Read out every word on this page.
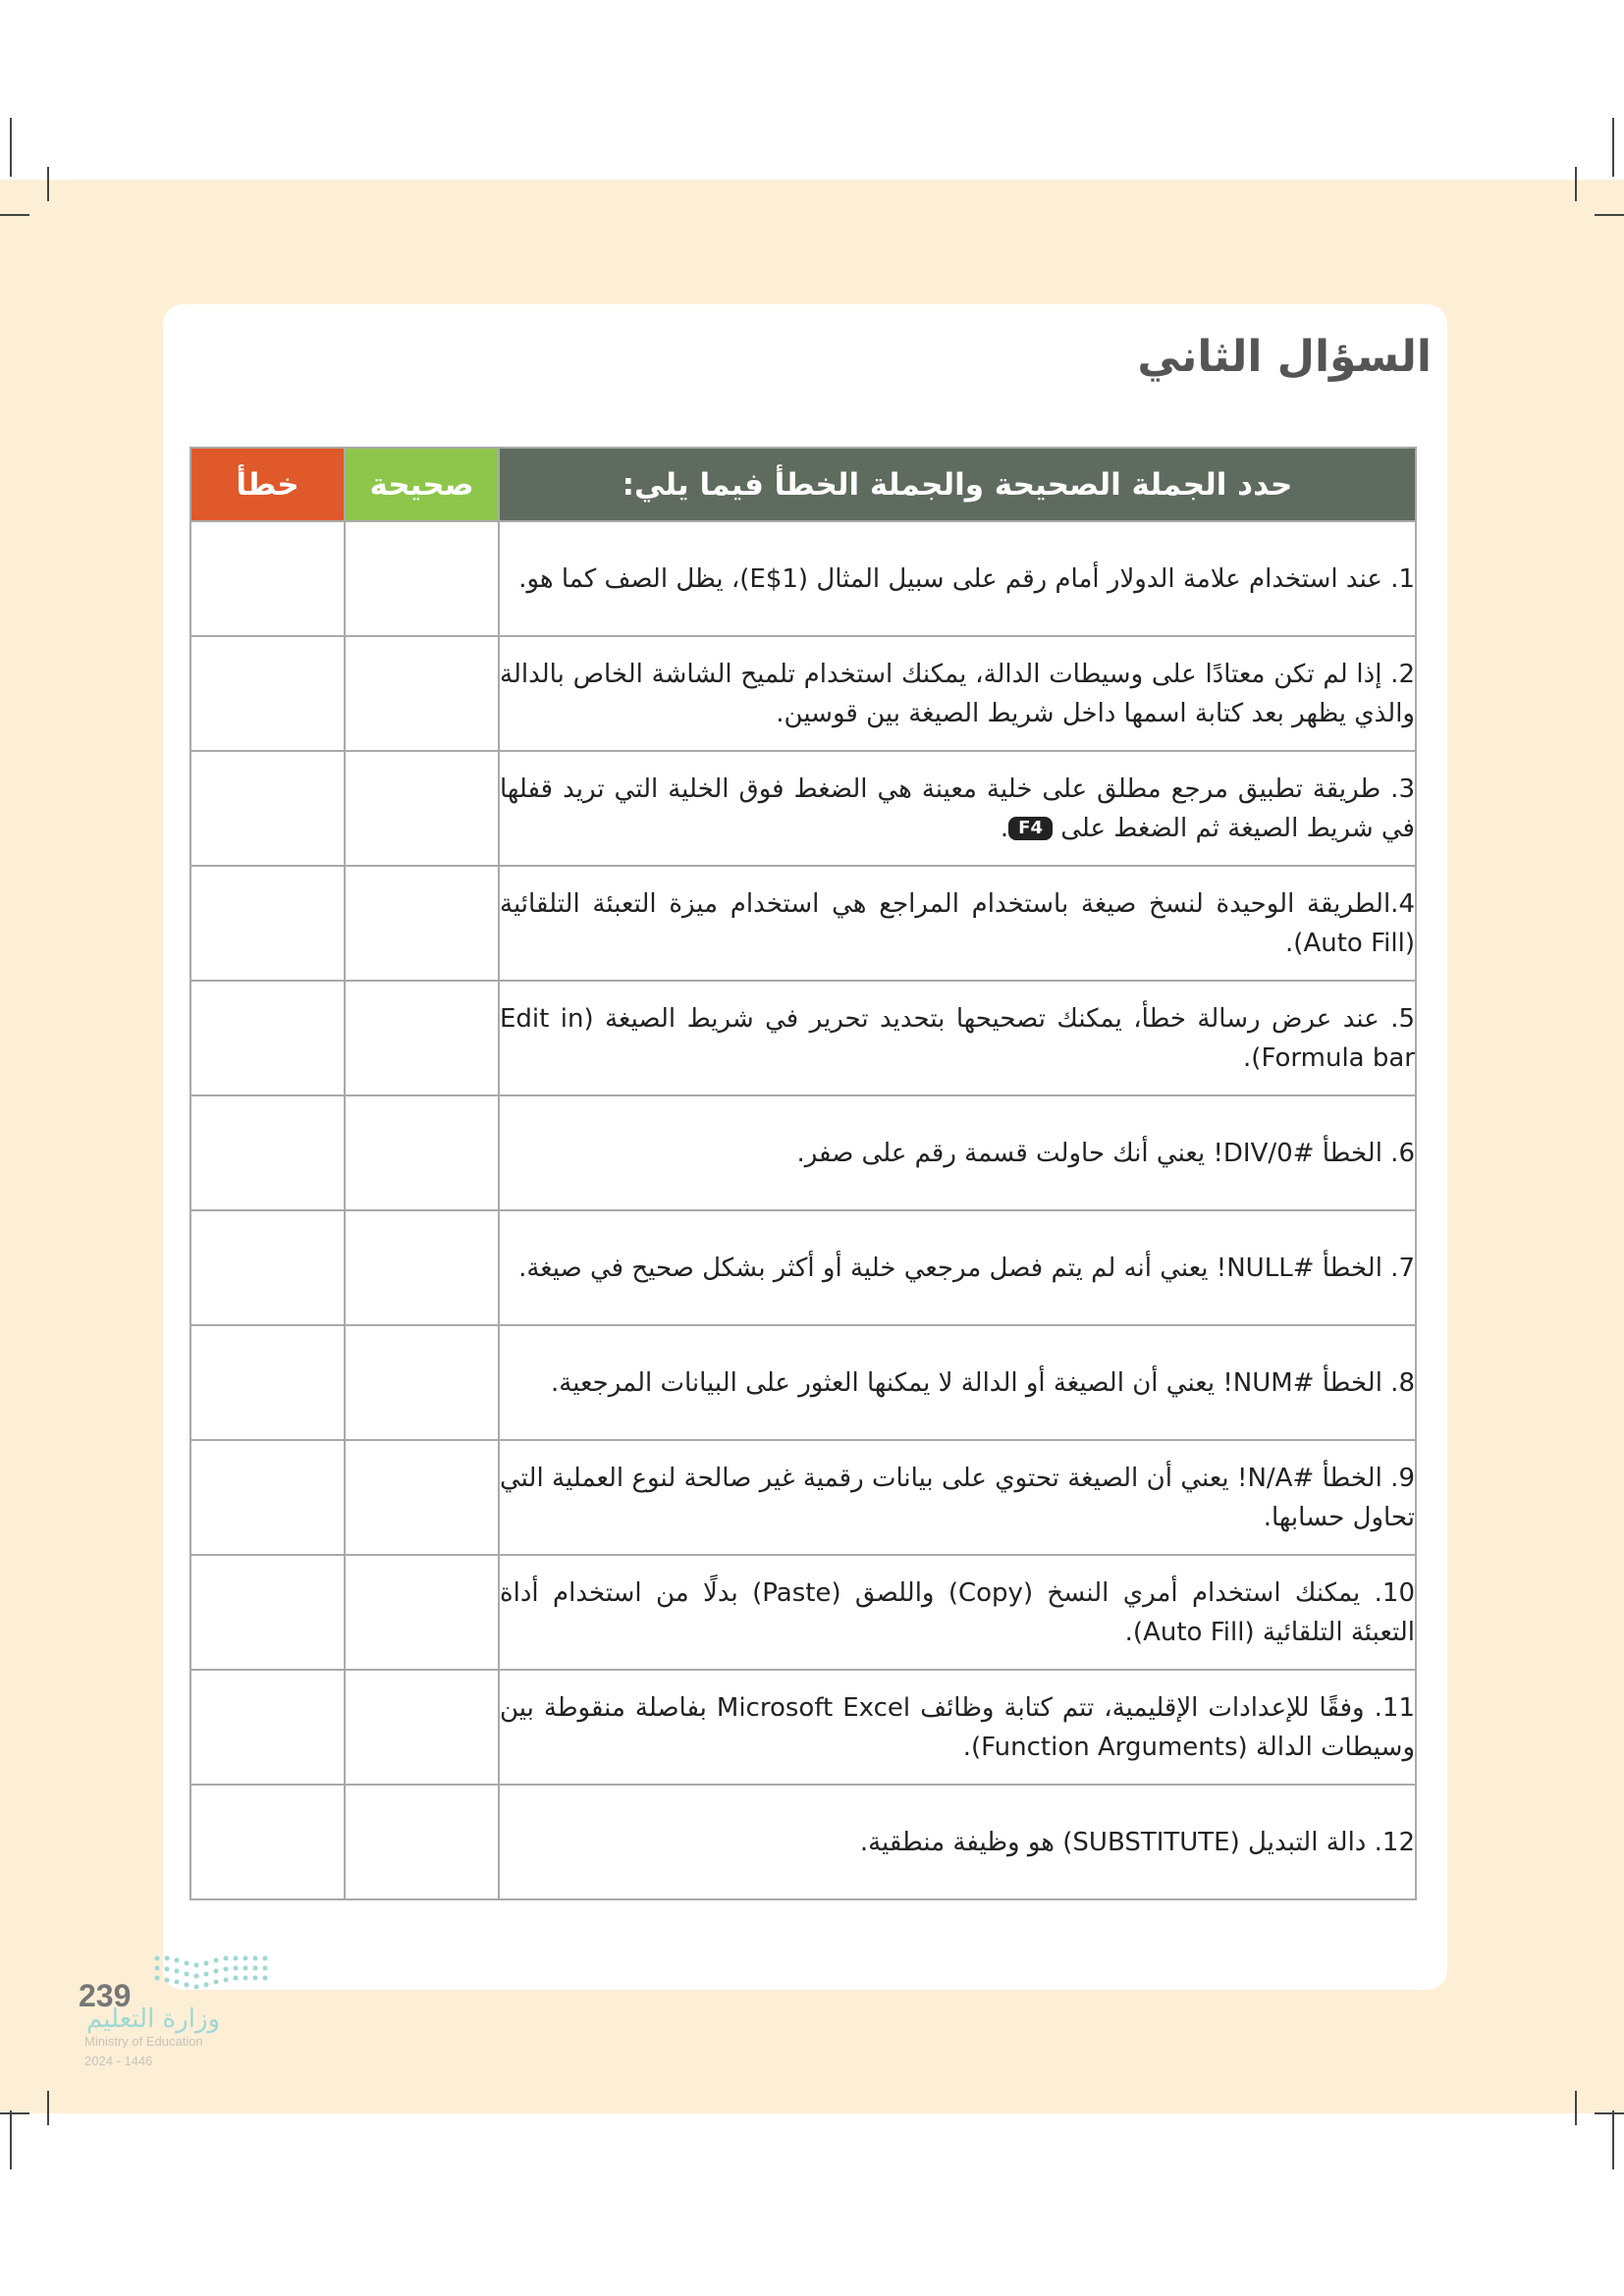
السؤال الثاني
حدد الجملة الصحيحة والجملة الخطأ فيما يلي:	صحيحة	خطأ
1. عند استخدام علامة الدولار أمام رقم على سبيل المثال (E$1)، يظل الصف كما هو.		
2. إذا لم تكن معتادًا على وسيطات الدالة، يمكنك استخدام تلميح الشاشة الخاص بالدالة والذي يظهر بعد كتابة اسمها داخل شريط الصيغة بين قوسين.		
3. طريقة تطبيق مرجع مطلق على خلية معينة هي الضغط فوق الخلية التي تريد قفلها في شريط الصيغة ثم الضغط على F4.		
4.الطريقة الوحيدة لنسخ صيغة باستخدام المراجع هي استخدام ميزة التعبئة التلقائية (Auto Fill).		
5. عند عرض رسالة خطأ، يمكنك تصحيحها بتحديد تحرير في شريط الصيغة (Edit in Formula bar).		
6. الخطأ #DIV/0! يعني أنك حاولت قسمة رقم على صفر.		
7. الخطأ #NULL! يعني أنه لم يتم فصل مرجعي خلية أو أكثر بشكل صحيح في صيغة.		
8. الخطأ #NUM! يعني أن الصيغة أو الدالة لا يمكنها العثور على البيانات المرجعية.		
9. الخطأ #N/A! يعني أن الصيغة تحتوي على بيانات رقمية غير صالحة لنوع العملية التي تحاول حسابها.		
10. يمكنك استخدام أمري النسخ (Copy) واللصق (Paste) بدلًا من استخدام أداة التعبئة التلقائية (Auto Fill).		
11. وفقًا للإعدادات الإقليمية، تتم كتابة وظائف Microsoft Excel بفاصلة منقوطة بين وسيطات الدالة (Function Arguments).		
12. دالة التبديل (SUBSTITUTE) هو وظيفة منطقية.		
239
وزارة التعليم
Ministry of Education
2024 - 1446
